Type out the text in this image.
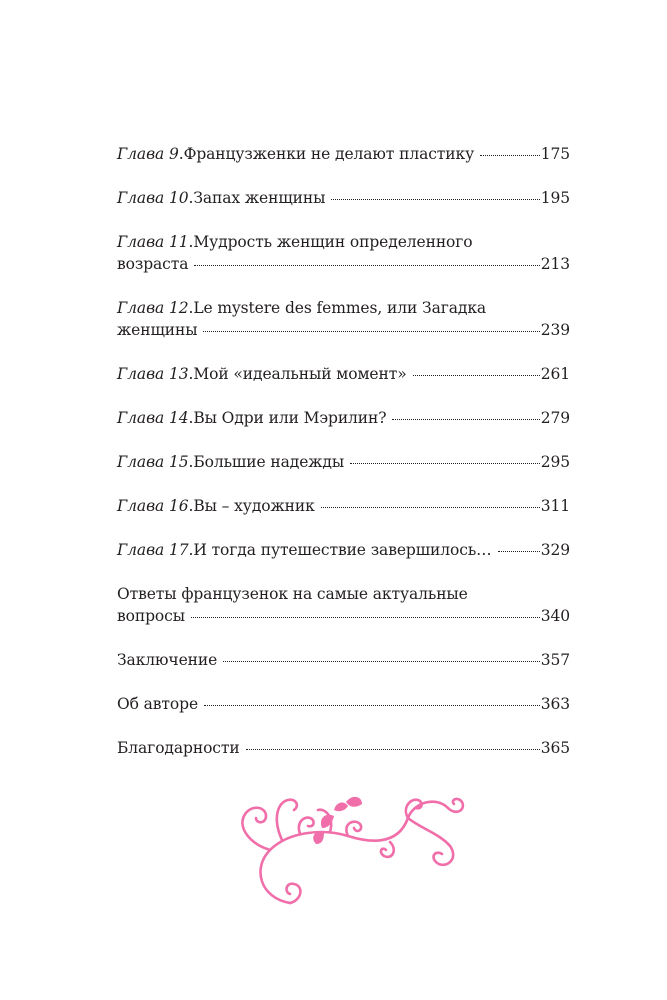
Глава 9 . Французженки не делают пластику	175
Глава 10 . Запах женщины	195
Глава 11 . Мудрость женщин определенного
возраста	213
Глава 12 . Le mystere des femmes, или Загадка
женщины	239
Глава 13 . Мой «идеальный момент»	261
Глава 14 . Вы Одри или Мэрилин?	279
Глава 15 . Большие надежды	295
Глава 16 . Вы – художник	311
Глава 17 . И тогда путешествие завершилось…	329
Ответы французенок на самые актуальные
вопросы	340
Заключение	357
Об авторе	363
Благодарности	365
